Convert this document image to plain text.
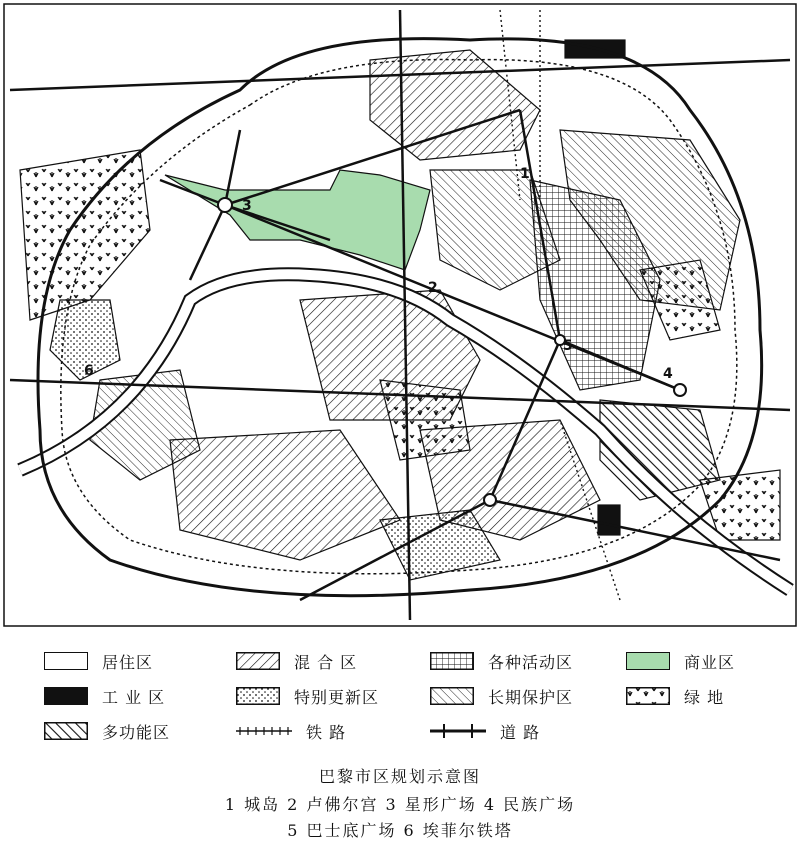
1
2
3
4
5
6
居住区	混 合 区	各种活动区	商业区
工 业 区	特别更新区	长期保护区	绿 地
多功能区	铁 路	道 路
巴黎市区规划示意图
1 城岛 2 卢佛尔宫 3 星形广场 4 民族广场
5 巴士底广场 6 埃菲尔铁塔
